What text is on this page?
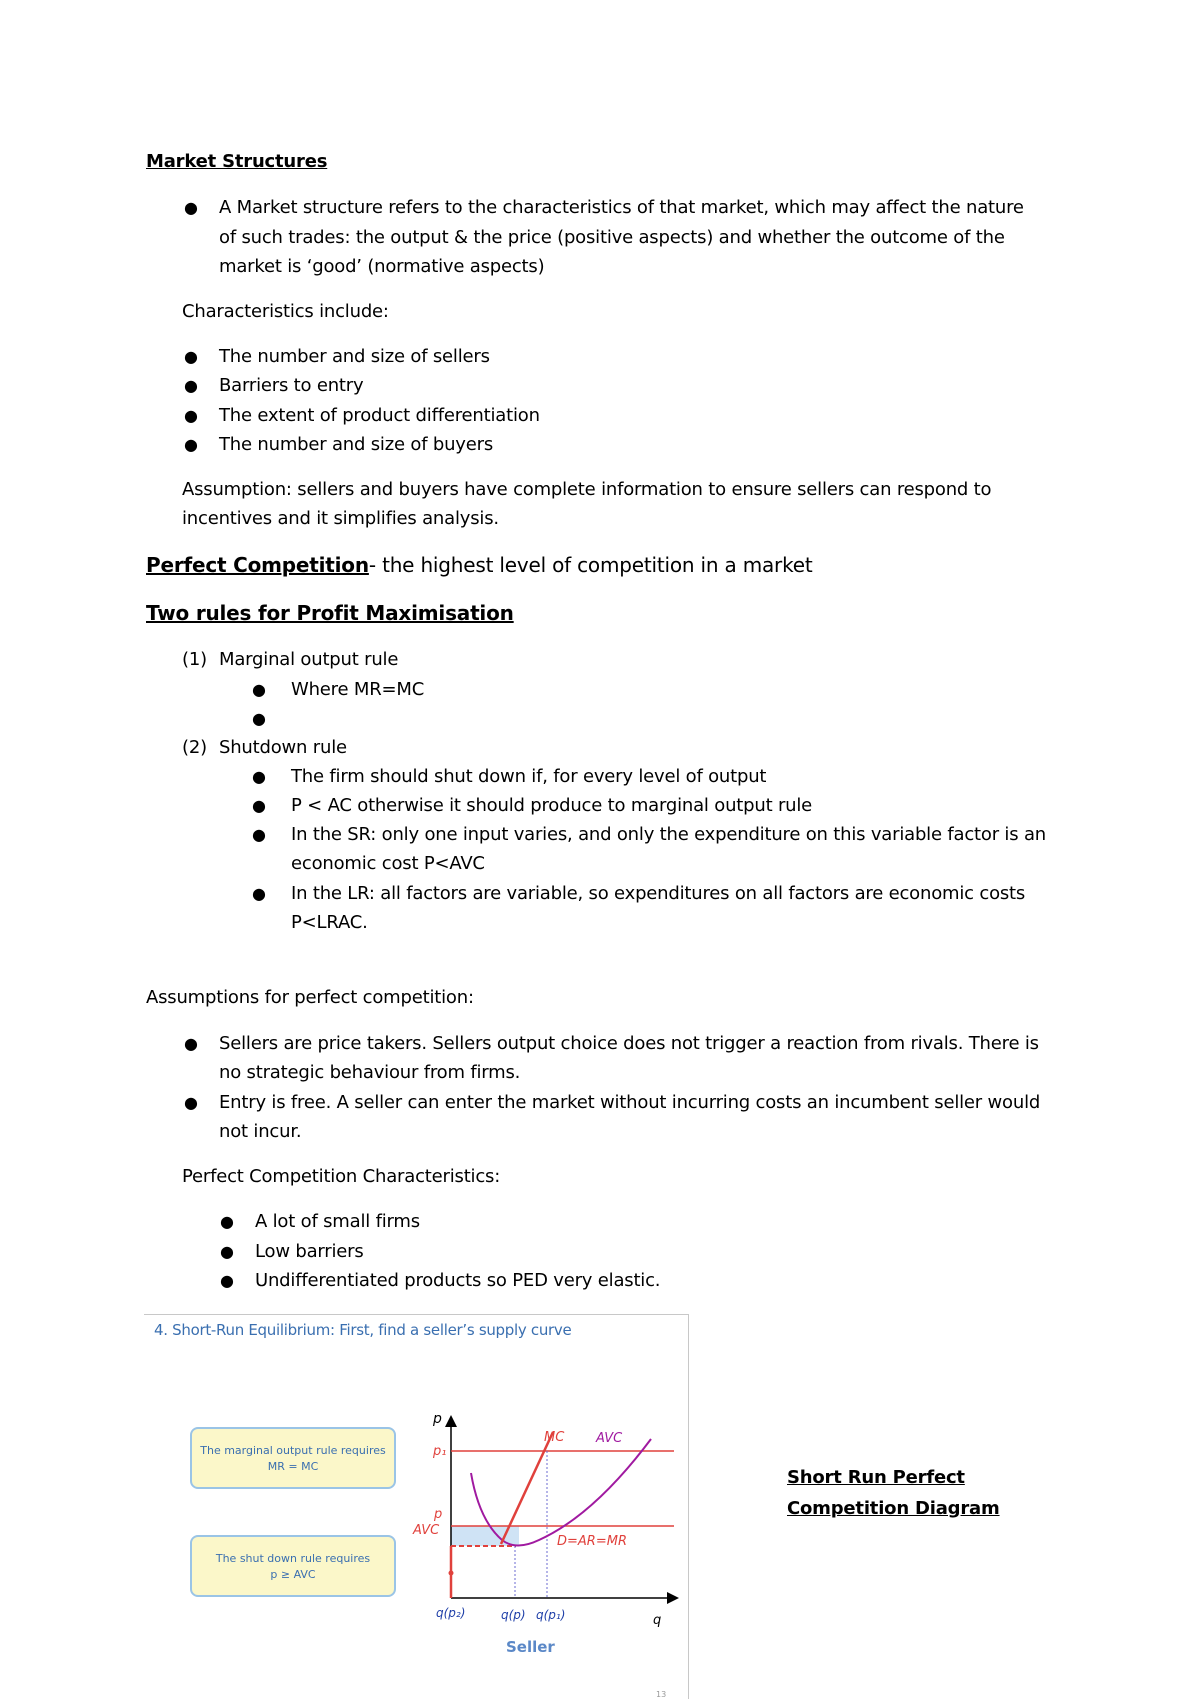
Market Structures
● A Market structure refers to the characteristics of that market, which may affect the nature
of such trades: the output & the price (positive aspects) and whether the outcome of the
market is ‘good’ (normative aspects)
Characteristics include:
● The number and size of sellers
● Barriers to entry
● The extent of product differentiation
● The number and size of buyers
Assumption: sellers and buyers have complete information to ensure sellers can respond to
incentives and it simplifies analysis.
Perfect Competition- the highest level of competition in a market
Two rules for Profit Maximisation
(1) Marginal output rule
● Where MR=MC
●
(2) Shutdown rule
● The firm should shut down if, for every level of output
● P < AC otherwise it should produce to marginal output rule
● In the SR: only one input varies, and only the expenditure on this variable factor is an
economic cost P<AVC
● In the LR: all factors are variable, so expenditures on all factors are economic costs
P<LRAC.
Assumptions for perfect competition:
● Sellers are price takers. Sellers output choice does not trigger a reaction from rivals. There is
no strategic behaviour from firms.
● Entry is free. A seller can enter the market without incurring costs an incumbent seller would
not incur.
Perfect Competition Characteristics:
● A lot of small firms
● Low barriers
● Undifferentiated products so PED very elastic.
4. Short-Run Equilibrium: First, find a seller’s supply curve
The marginal output rule requires
MR = MC
The shut down rule requires
p ≥ AVC
p
p₁
p
AVC
MC AVC
D=AR=MR
q(p₂)	q(p) q(p₁)	q
Seller
13
Short Run Perfect
Competition Diagram
